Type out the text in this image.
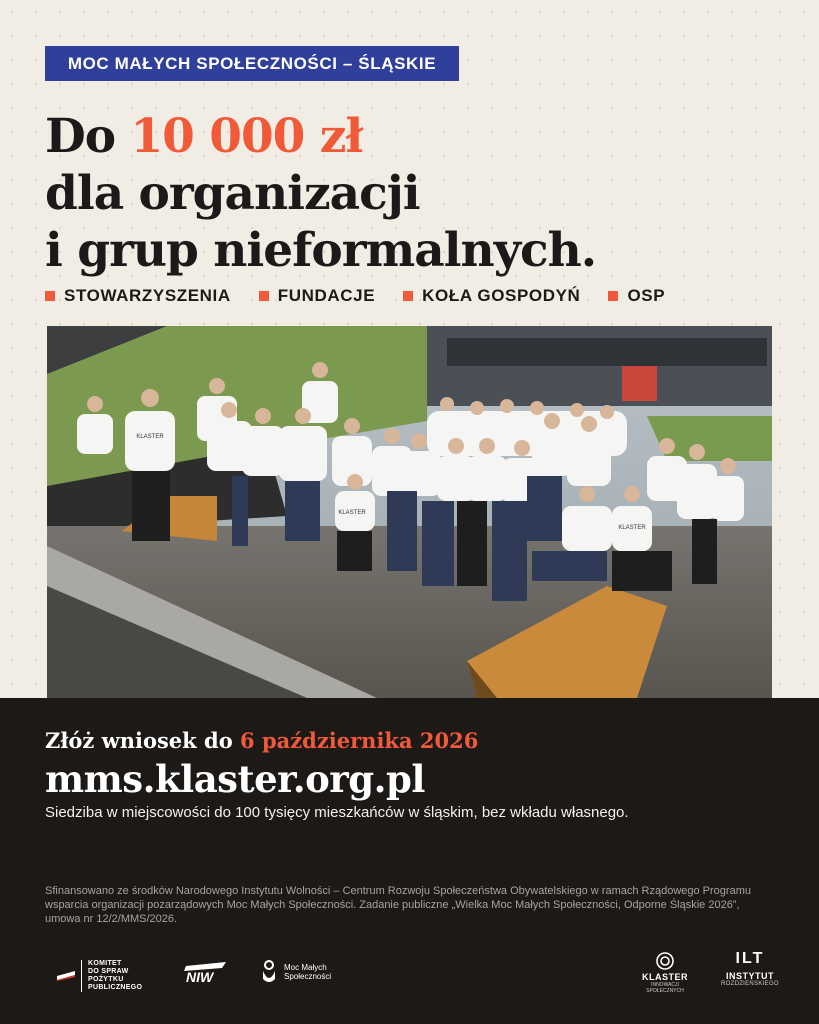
MOC MAŁYCH SPOŁECZNOŚCI – ŚLĄSKIE
Do 10 000 zł
dla organizacji
i grup nieformalnych.
STOWARZYSZENIA	FUNDACJE	KOŁA GOSPODYŃ	OSP
KLASTER
KLASTER
KLASTER
Złóż wniosek do 6 października 2026
mms.klaster.org.pl
Siedziba w miejscowości do 100 tysięcy mieszkańców w śląskim, bez wkładu własnego.
Sfinansowano ze środków Narodowego Instytutu Wolności – Centrum Rozwoju Społeczeństwa Obywatelskiego w ramach Rządowego Programu wsparcia organizacji pozarządowych Moc Małych Społeczności. Zadanie publiczne „Wielka Moc Małych Społeczności, Odporne Śląskie 2026”, umowa nr 12/2/MMS/2026.
KOMITET
DO SPRAW
POŻYTKU
PUBLICZNEGO
NIW
Moc Małych
Społeczności	KLASTER
INNOWACJI
SPOŁECZNYCH
ILT
INSTYTUT
ROZDZIEŃSKIEGO
